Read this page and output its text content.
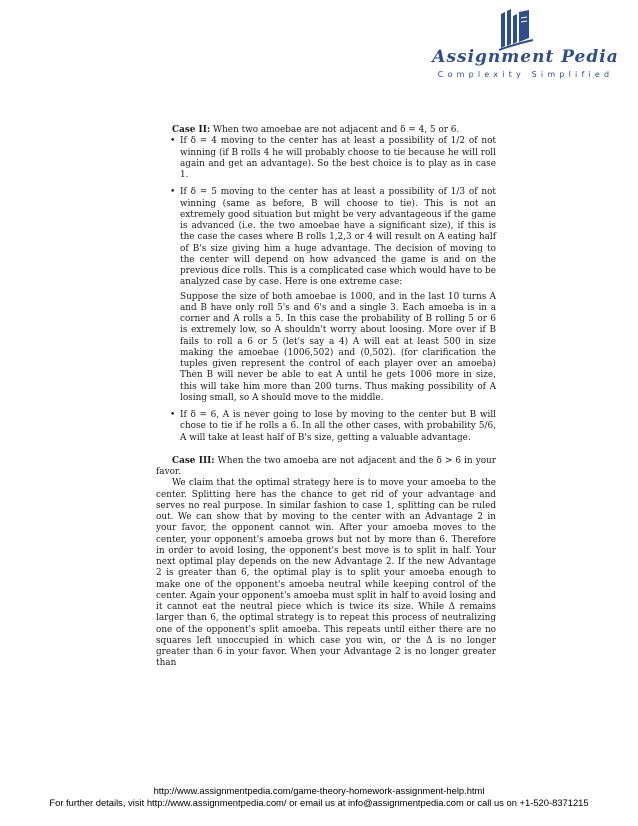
Assignment Pedia
Complexity Simplified

Case II: When two amoebae are not adjacent and δ = 4, 5 or 6.

• If δ = 4 moving to the center has at least a possibility of 1/2 of not winning (if B rolls 4 he will probably choose to tie because he will roll again and get an advantage). So the best choice is to play as in case 1.
• If δ = 5 moving to the center has at least a possibility of 1/3 of not winning (same as before, B will choose to tie). This is not an extremely good situation but might be very advantageous if the game is advanced (i.e. the two amoebae have a significant size), if this is the case the cases where B rolls 1,2,3 or 4 will result on A eating half of B's size giving him a huge advantage. The decision of moving to the center will depend on how advanced the game is and on the previous dice rolls. This is a complicated case which would have to be analyzed case by case. Here is one extreme case:

Suppose the size of both amoebae is 1000, and in the last 10 turns A and B have only roll 5's and 6's and a single 3. Each amoeba is in a corner and A rolls a 5. In this case the probability of B rolling 5 or 6 is extremely low, so A shouldn't worry about loosing. More over if B fails to roll a 6 or 5 (let's say a 4) A will eat at least 500 in size making the amoebae (1006,502) and (0,502). (for clarification the tuples given represent the control of each player over an amoeba) Then B will never be able to eat A until he gets 1006 more in size, this will take him more than 200 turns. Thus making possibility of A losing small, so A should move to the middle.

• If δ = 6, A is never going to lose by moving to the center but B will chose to tie if he rolls a 6. In all the other cases, with probability 5/6, A will take at least half of B's size, getting a valuable advantage.

Case III: When the two amoeba are not adjacent and the δ > 6 in your favor.

We claim that the optimal strategy here is to move your amoeba to the center. Splitting here has the chance to get rid of your advantage and serves no real purpose. In similar fashion to case 1, splitting can be ruled out. We can show that by moving to the center with an Advantage 2 in your favor, the opponent cannot win. After your amoeba moves to the center, your opponent's amoeba grows but not by more than 6. Therefore in order to avoid losing, the opponent's best move is to split in half. Your next optimal play depends on the new Advantage 2. If the new Advantage 2 is greater than 6, the optimal play is to split your amoeba enough to make one of the opponent's amoeba neutral while keeping control of the center. Again your opponent's amoeba must split in half to avoid losing and it cannot eat the neutral piece which is twice its size. While Δ remains larger than 6, the optimal strategy is to repeat this process of neutralizing one of the opponent's split amoeba. This repeats until either there are no squares left unoccupied in which case you win, or the Δ is no longer greater than 6 in your favor. When your Advantage 2 is no longer greater than

http://www.assignmentpedia.com/game-theory-homework-assignment-help.html
For further details, visit http://www.assignmentpedia.com/ or email us at info@assignmentpedia.com or call us on +1-520-8371215
